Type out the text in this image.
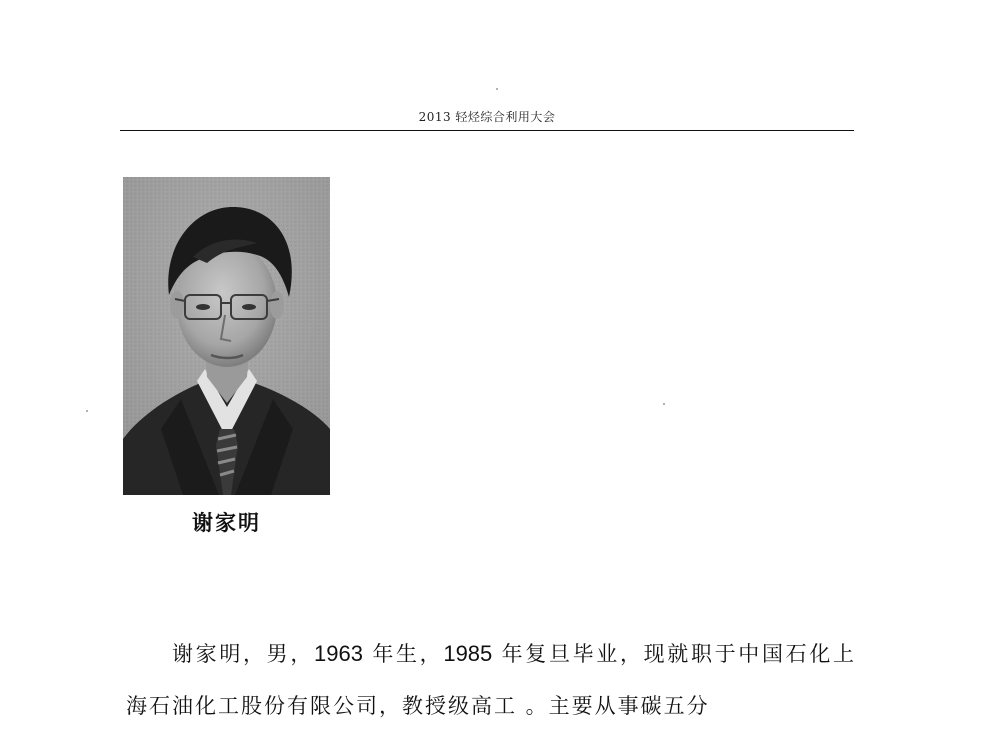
2013 轻烃综合利用大会
谢家明

谢家明，男，1963 年生，1985 年复旦毕业，现就职于中国石化上海石油化工股份有限公司，教授级高工 。主要从事碳五分
